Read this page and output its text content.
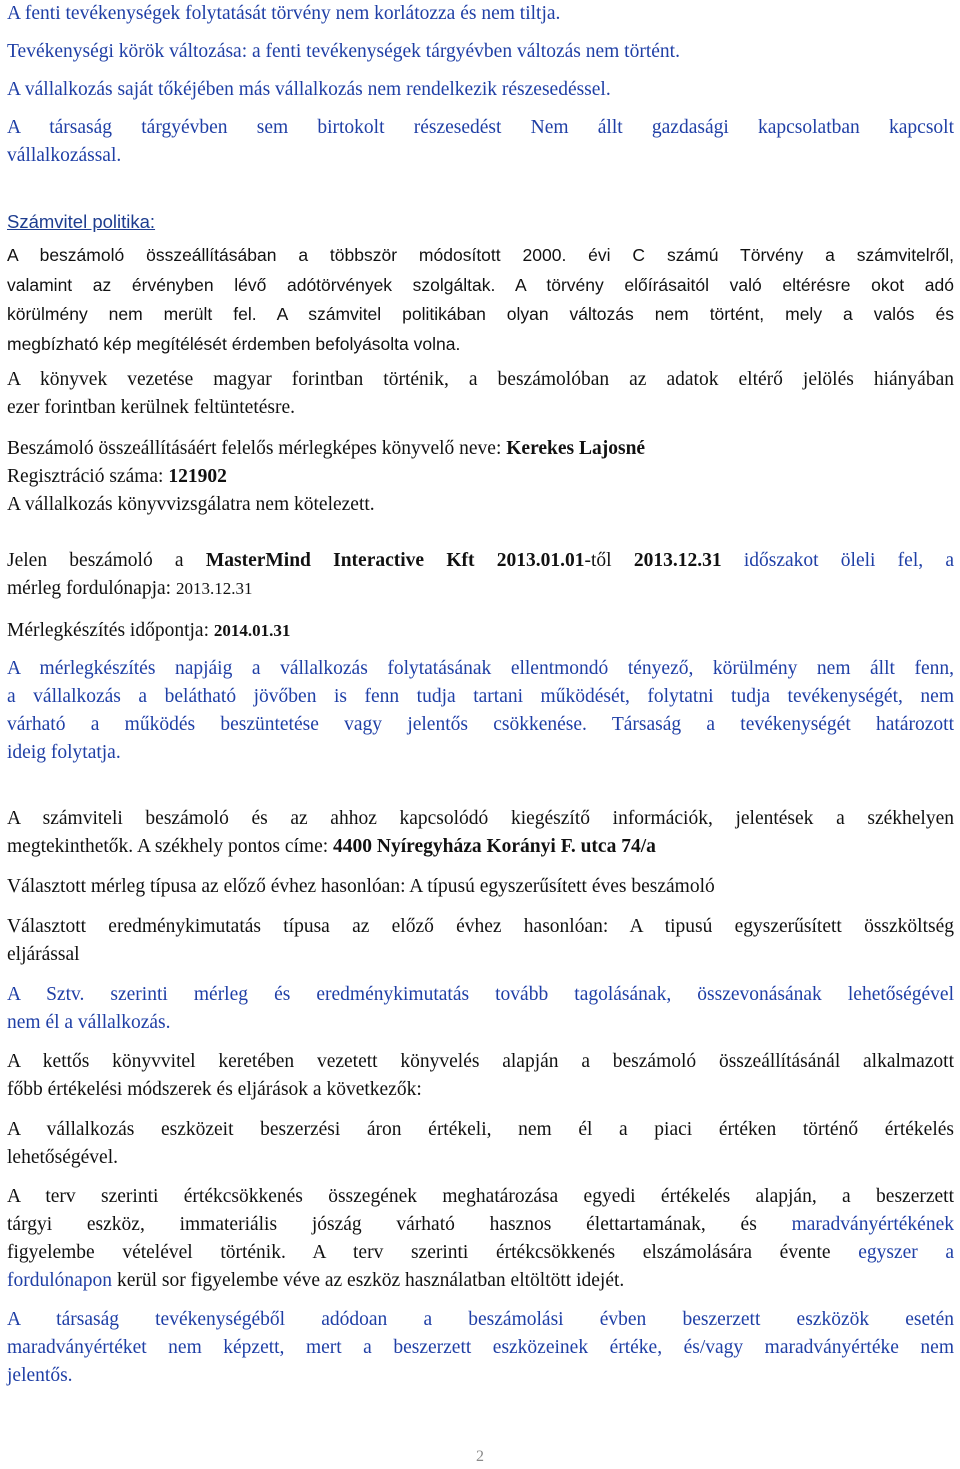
A fenti tevékenységek folytatását törvény nem korlátozza és nem tiltja.
Tevékenységi körök változása: a fenti tevékenységek tárgyévben változás nem történt.
A vállalkozás saját tőkéjében más vállalkozás nem rendelkezik részesedéssel.
A társaság tárgyévben sem birtokolt részesedést Nem állt gazdasági kapcsolatban kapcsolt
vállalkozással.
Számvitel politika:
A beszámoló összeállításában a többször módosított 2000. évi C számú Törvény a számvitelről,
valamint az érvényben lévő adótörvények szolgáltak. A törvény előírásaitól való eltérésre okot adó
körülmény nem merült fel. A számvitel politikában olyan változás nem történt, mely a valós és
megbízható kép megítélését érdemben befolyásolta volna.
A könyvek vezetése magyar forintban történik, a beszámolóban az adatok eltérő jelölés hiányában
ezer forintban kerülnek feltüntetésre.
Beszámoló összeállításáért felelős mérlegképes könyvelő neve: Kerekes Lajosné
Regisztráció száma: 121902
A vállalkozás könyvvizsgálatra nem kötelezett.
Jelen beszámoló a MasterMind Interactive Kft 2013.01.01-től 2013.12.31 időszakot öleli fel, a
mérleg fordulónapja: 2013.12.31
Mérlegkészítés időpontja: 2014.01.31
A mérlegkészítés napjáig a vállalkozás folytatásának ellentmondó tényező, körülmény nem állt fenn,
a vállalkozás a belátható jövőben is fenn tudja tartani működését, folytatni tudja tevékenységét, nem
várható a működés beszüntetése vagy jelentős csökkenése. Társaság a tevékenységét határozott
ideig folytatja.
A számviteli beszámoló és az ahhoz kapcsolódó kiegészítő információk, jelentések a székhelyen
megtekinthetők. A székhely pontos címe: 4400 Nyíregyháza Korányi F. utca 74/a
Választott mérleg típusa az előző évhez hasonlóan: A típusú egyszerűsített éves beszámoló
Választott eredménykimutatás típusa az előző évhez hasonlóan: A tipusú egyszerűsített összköltség
eljárással
A Sztv. szerinti mérleg és eredménykimutatás tovább tagolásának, összevonásának lehetőségével
nem él a vállalkozás.
A kettős könyvvitel keretében vezetett könyvelés alapján a beszámoló összeállításánál alkalmazott
főbb értékelési módszerek és eljárások a következők:
A vállalkozás eszközeit beszerzési áron értékeli, nem él a piaci értéken történő értékelés
lehetőségével.
A terv szerinti értékcsökkenés összegének meghatározása egyedi értékelés alapján, a beszerzett
tárgyi eszköz, immateriális jószág várható hasznos élettartamának, és maradványértékének
figyelembe vételével történik. A terv szerinti értékcsökkenés elszámolására évente egyszer a
fordulónapon kerül sor figyelembe véve az eszköz használatban eltöltött idejét.
A társaság tevékenységéből adódoan a beszámolási évben beszerzett eszközök esetén
maradványértéket nem képzett, mert a beszerzett eszközeinek értéke, és/vagy maradványértéke nem
jelentős.
2
